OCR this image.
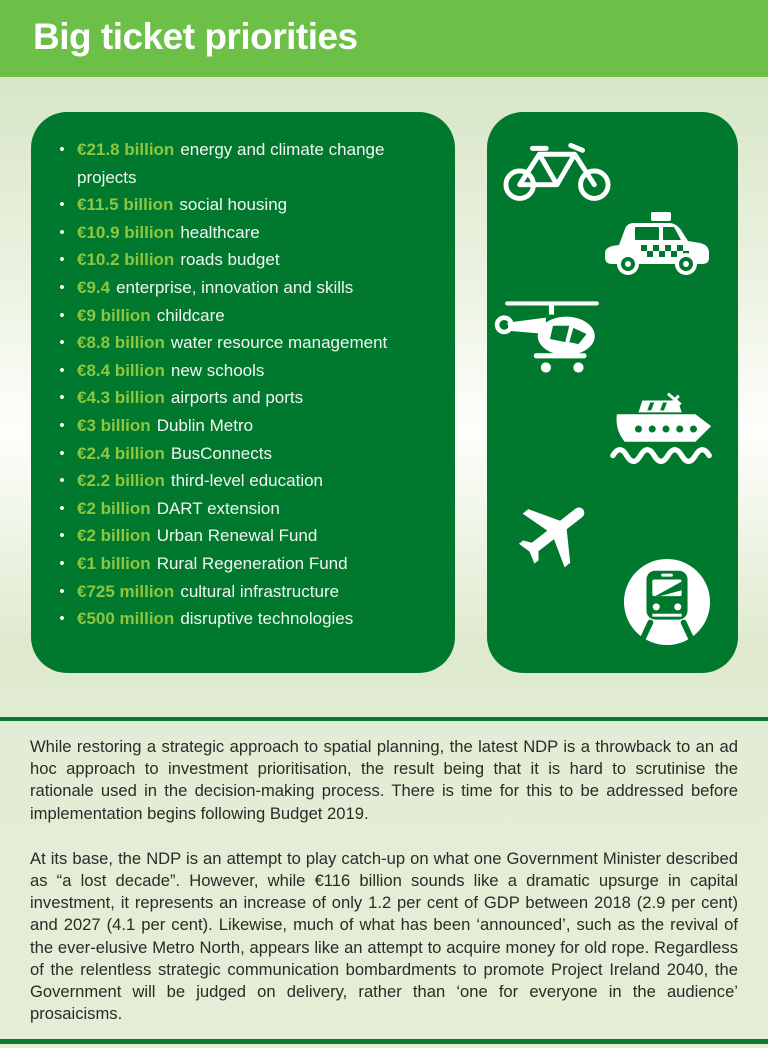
Big ticket priorities
• €21.8 billion energy and climate change projects
• €11.5 billion social housing
• €10.9 billion healthcare
• €10.2 billion roads budget
• €9.4 enterprise, innovation and skills
• €9 billion childcare
• €8.8 billion water resource management
• €8.4 billion new schools
• €4.3 billion airports and ports
• €3 billion Dublin Metro
• €2.4 billion BusConnects
• €2.2 billion third-level education
• €2 billion DART extension
• €2 billion Urban Renewal Fund
• €1 billion Rural Regeneration Fund
• €725 million cultural infrastructure
• €500 million disruptive technologies

While restoring a strategic approach to spatial planning, the latest NDP is a throwback to an ad hoc approach to investment prioritisation, the result being that it is hard to scrutinise the rationale used in the decision-making process. There is time for this to be addressed before implementation begins following Budget 2019.

At its base, the NDP is an attempt to play catch-up on what one Government Minister described as “a lost decade”. However, while €116 billion sounds like a dramatic upsurge in capital investment, it represents an increase of only 1.2 per cent of GDP between 2018 (2.9 per cent) and 2027 (4.1 per cent). Likewise, much of what has been ‘announced’, such as the revival of the ever-elusive Metro North, appears like an attempt to acquire money for old rope. Regardless of the relentless strategic communication bombardments to promote Project Ireland 2040, the Government will be judged on delivery, rather than ‘one for everyone in the audience’ prosaicisms.
